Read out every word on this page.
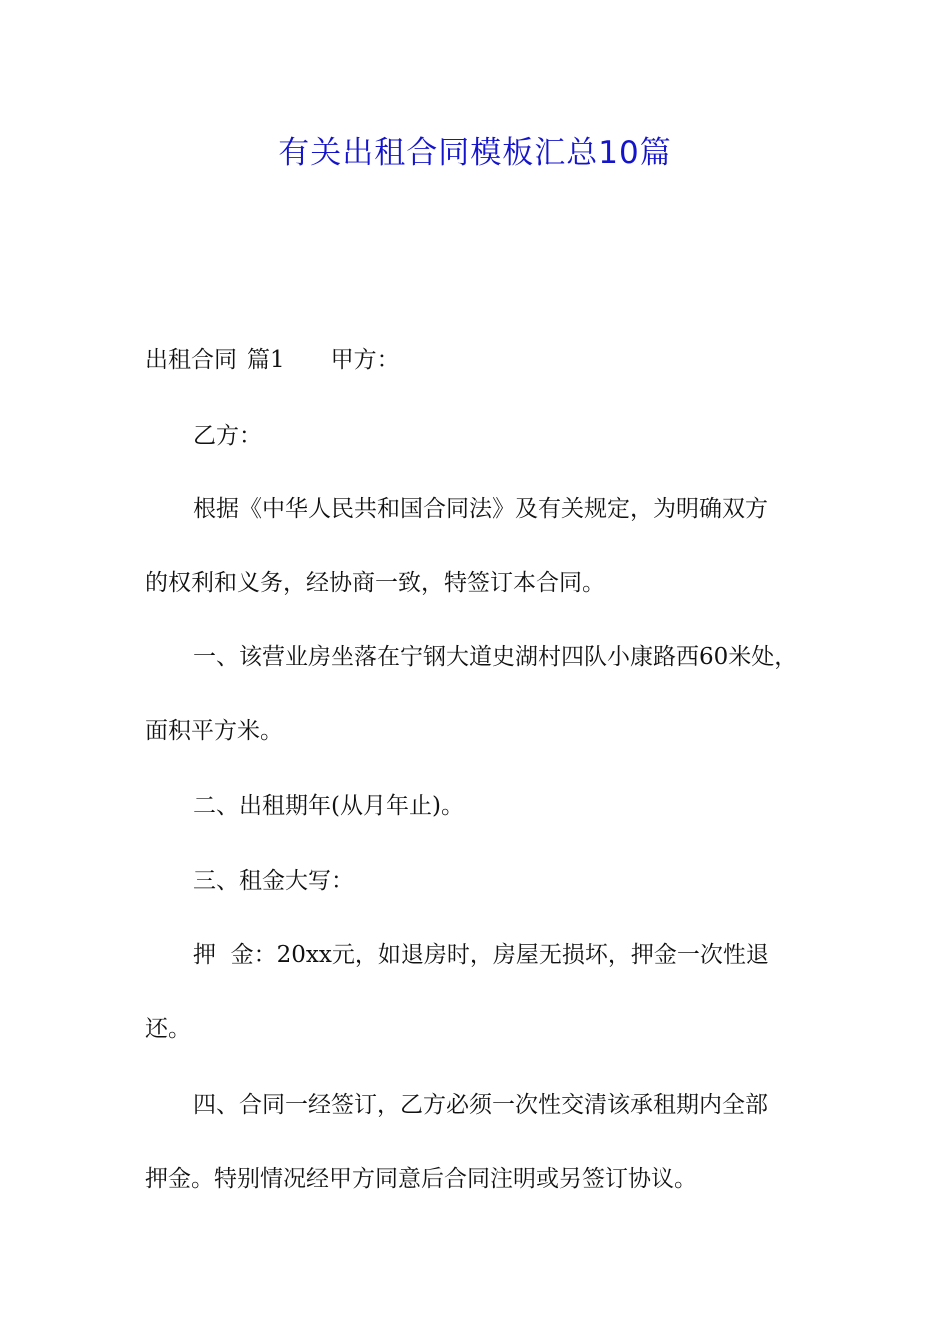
有关出租合同模板汇总10篇
出租合同 篇1 甲方：
乙方：
根据《中华人民共和国合同法》及有关规定，为明确双方
的权利和义务，经协商一致，特签订本合同。
一、该营业房坐落在宁钢大道史湖村四队小康路西60米处，
面积平方米。
二、出租期年(从月年止)。
三、租金大写：
押  金：20xx元，如退房时，房屋无损坏，押金一次性退
还。
四、合同一经签订，乙方必须一次性交清该承租期内全部
押金。特别情况经甲方同意后合同注明或另签订协议。
